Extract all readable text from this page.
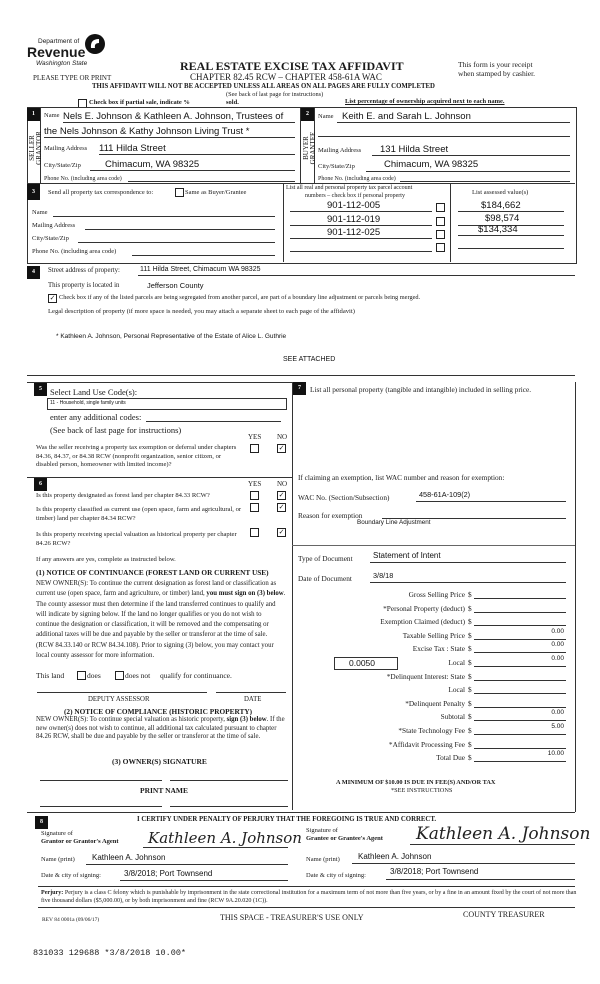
Department of
Revenue
Washington State	REAL ESTATE EXCISE TAX AFFIDAVIT
CHAPTER 82.45 RCW – CHAPTER 458-61A WAC
This form is your receipt
when stamped by cashier.
PLEASE TYPE OR PRINT
THIS AFFIDAVIT WILL NOT BE ACCEPTED UNLESS ALL AREAS ON ALL PAGES ARE FULLY COMPLETED
(See back of last page for instructions)
Check box if partial sale, indicate %	sold.	List percentage of ownership acquired next to each name.
1
SELLER GRANTOR
Name Nels E. Johnson & Kathleen A. Johnson, Trustees of
the Nels Johnson & Kathy Johnson Living Trust *
Mailing Address 111 Hilda Street
City/State/Zip	Chimacum, WA 98325
Phone No. (including area code)
2
BUYER GRANTEE
Name Keith E. and Sarah L. Johnson
Mailing Address 131 Hilda Street
City/State/Zip	Chimacum, WA 98325
Phone No. (including area code)
3	Send all property tax correspondence to:	Same as Buyer/Grantee
Name
Mailing Address
City/State/Zip
Phone No. (including area code)
List all real and personal property tax parcel account
numbers – check box if personal property	List assessed value(s)
901-112-005	$184,662
901-112-019	$98,574
901-112-025	$134,334
4	Street address of property:	111 Hilda Street, Chimacum WA 98325
This property is located in	Jefferson County
✓ Check box if any of the listed parcels are being segregated from another parcel, are part of a boundary line adjustment or parcels being merged.
Legal description of property (if more space is needed, you may attach a separate sheet to each page of the affidavit)
* Kathleen A. Johnson, Personal Representative of the Estate of Alice L. Guthrie
SEE ATTACHED
5 Select Land Use Code(s):
11 - Household, single family units
enter any additional codes:
(See back of last page for instructions)
YES NO
Was the seller receiving a property tax exemption or deferral under chapters 84.36, 84.37, or 84.38 RCW (nonprofit organization, senior citizen, or disabled person, homeowner with limited income)?
✓
6	YES NO
Is this property designated as forest land per chapter 84.33 RCW?	✓
Is this property classified as current use (open space, farm and agricultural, or timber) land per chapter 84.34 RCW?
✓
Is this property receiving special valuation as historical property per chapter 84.26 RCW?
✓
If any answers are yes, complete as instructed below.
(1) NOTICE OF CONTINUANCE (FOREST LAND OR CURRENT USE)
NEW OWNER(S): To continue the current designation as forest land or classification as current use (open space, farm and agriculture, or timber) land, you must sign on (3) below. The county assessor must then determine if the land transferred continues to qualify and will indicate by signing below. If the land no longer qualifies or you do not wish to continue the designation or classification, it will be removed and the compensating or additional taxes will be due and payable by the seller or transferor at the time of sale. (RCW 84.33.140 or RCW 84.34.108). Prior to signing (3) below, you may contact your local county assessor for more information.
This land	does	does not qualify for continuance.
DEPUTY ASSESSOR	DATE
(2) NOTICE OF COMPLIANCE (HISTORIC PROPERTY)
NEW OWNER(S): To continue special valuation as historic property, sign (3) below. If the new owner(s) does not wish to continue, all additional tax calculated pursuant to chapter 84.26 RCW, shall be due and payable by the seller or transferor at the time of sale.
(3) OWNER(S) SIGNATURE
PRINT NAME
7	List all personal property (tangible and intangible) included in selling price.
If claiming an exemption, list WAC number and reason for exemption:
WAC No. (Section/Subsection)	458-61A-109(2)
Reason for exemption
Boundary Line Adjustment
Type of Document	Statement of Intent
Date of Document	3/8/18
0.0050
Gross Selling Price $
*Personal Property (deduct) $
Exemption Claimed (deduct) $
Taxable Selling Price $	0.00
Excise Tax : State $	0.00
Local $	0.00
*Delinquent Interest: State $
Local $
*Delinquent Penalty $
Subtotal $	0.00
*State Technology Fee $	5.00
*Affidavit Processing Fee $
Total Due $	10.00
A MINIMUM OF $10.00 IS DUE IN FEE(S) AND/OR TAX
*SEE INSTRUCTIONS
8	I CERTIFY UNDER PENALTY OF PERJURY THAT THE FOREGOING IS TRUE AND CORRECT.
Signature of
Grantor or Grantor's Agent Kathleen A. Johnson
Name (print) Kathleen A. Johnson
Date & city of signing:	3/8/2018; Port Townsend
Signature of
Grantee or Grantee's Agent Kathleen A. Johnson
Name (print) Kathleen A. Johnson
Date & city of signing:	3/8/2018; Port Townsend
Perjury: Perjury is a class C felony which is punishable by imprisonment in the state correctional institution for a maximum term of not more than five years, or by a fine in an amount fixed by the court of not more than five thousand dollars ($5,000.00), or by both imprisonment and fine (RCW 9A.20.020 (1C)).
REV 84 0001a (09/06/17)	THIS SPACE - TREASURER'S USE ONLY	COUNTY TREASURER
831033 129688 *3/8/2018 10.00*
